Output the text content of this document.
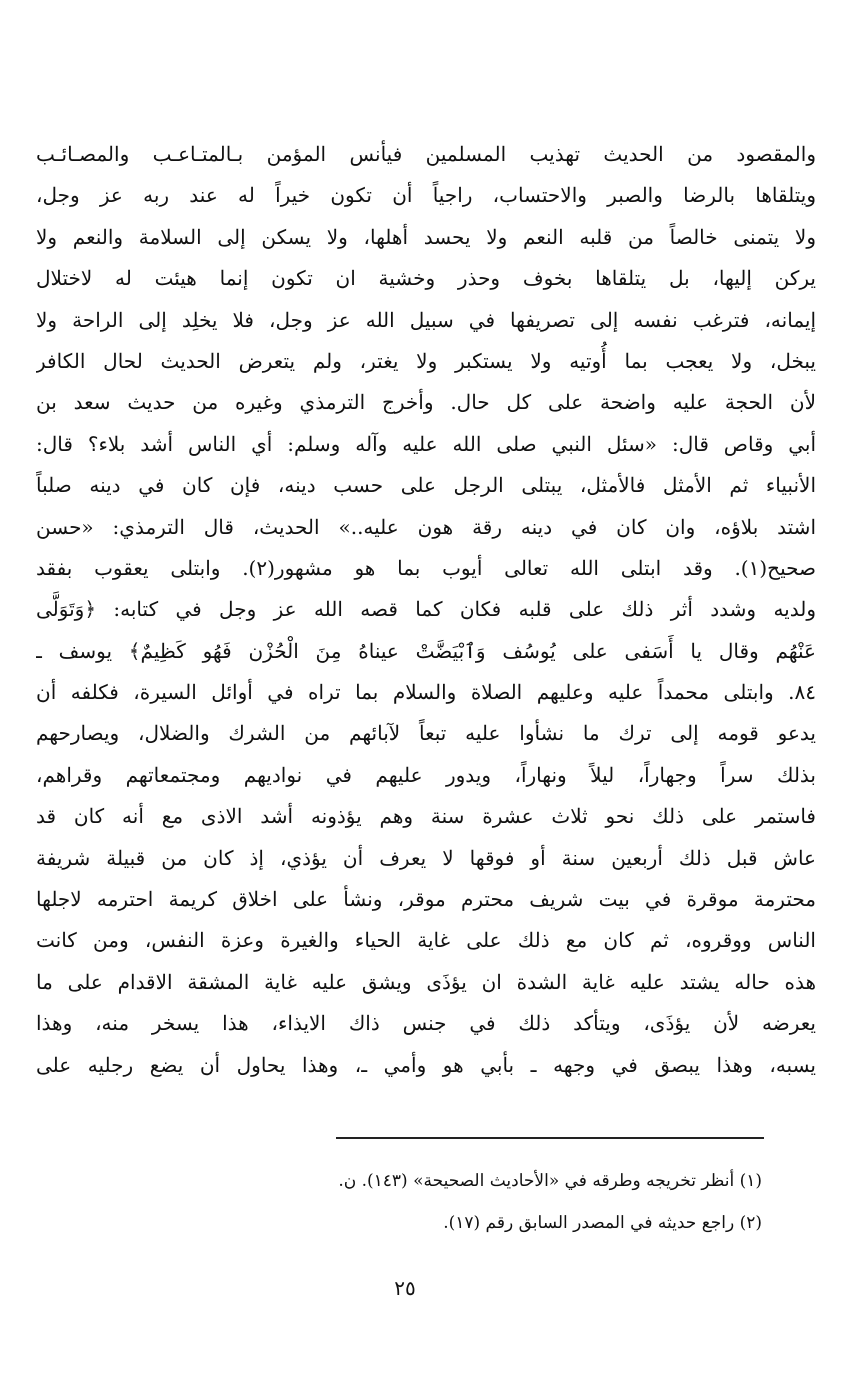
والمقصود من الحديث تهذيب المسلمين فيأنس المؤمن بـالمتـاعـب والمصـائـب
ويتلقاها بالرضا والصبر والاحتساب، راجياً أن تكون خيراً له عند ربه عز وجل،
ولا يتمنى خالصاً من قلبه النعم ولا يحسد أهلها، ولا يسكن إلى السلامة والنعم ولا
يركن إليها، بل يتلقاها بخوف وحذر وخشية ان تكون إنما هيئت له لاختلال
إيمانه، فترغب نفسه إلى تصريفها في سبيل الله عز وجل، فلا يخلِد إلى الراحة ولا
يبخل، ولا يعجب بما أُوتيه ولا يستكبر ولا يغتر، ولم يتعرض الحديث لحال الكافر
لأن الحجة عليه واضحة على كل حال. وأخرج الترمذي وغيره من حديث سعد بن
أبي وقاص قال: «سئل النبي صلى الله عليه وآله وسلم: أي الناس أشد بلاء؟ قال:
الأنبياء ثم الأمثل فالأمثل، يبتلى الرجل على حسب دينه، فإن كان في دينه صلباً
اشتد بلاؤه، وان كان في دينه رقة هون عليه..» الحديث، قال الترمذي: «حسن
صحيح(١). وقد ابتلى الله تعالى أيوب بما هو مشهور(٢). وابتلى يعقوب بفقد
ولديه وشدد أثر ذلك على قلبه فكان كما قصه الله عز وجل في كتابه: ﴿وَتَوَلَّى
عَنْهُم وقال يا أَسَفى على يُوسُف وَٱبْيَضَّتْ عيناهُ مِنَ الْحُزْن فَهُو كَظِيمٌ﴾ يوسف ـ
٨٤. وابتلى محمداً عليه وعليهم الصلاة والسلام بما تراه في أوائل السيرة، فكلفه أن
يدعو قومه إلى ترك ما نشأوا عليه تبعاً لآبائهم من الشرك والضلال، ويصارحهم
بذلك سراً وجهاراً، ليلاً ونهاراً، ويدور عليهم في نواديهم ومجتمعاتهم وقراهم،
فاستمر على ذلك نحو ثلاث عشرة سنة وهم يؤذونه أشد الاذى مع أنه كان قد
عاش قبل ذلك أربعين سنة أو فوقها لا يعرف أن يؤذي، إذ كان من قبيلة شريفة
محترمة موقرة في بيت شريف محترم موقر، ونشأ على اخلاق كريمة احترمه لاجلها
الناس ووقروه، ثم كان مع ذلك على غاية الحياء والغيرة وعزة النفس، ومن كانت
هذه حاله يشتد عليه غاية الشدة ان يؤذَى ويشق عليه غاية المشقة الاقدام على ما
يعرضه لأن يؤذَى، ويتأكد ذلك في جنس ذاك الايذاء، هذا يسخر منه، وهذا
يسبه، وهذا يبصق في وجهه ـ بأبي هو وأمي ـ، وهذا يحاول أن يضع رجليه على
(١) أنظر تخريجه وطرقه في «الأحاديث الصحيحة» (١٤٣). ن.
(٢) راجع حديثه في المصدر السابق رقم (١٧).
٢٥
